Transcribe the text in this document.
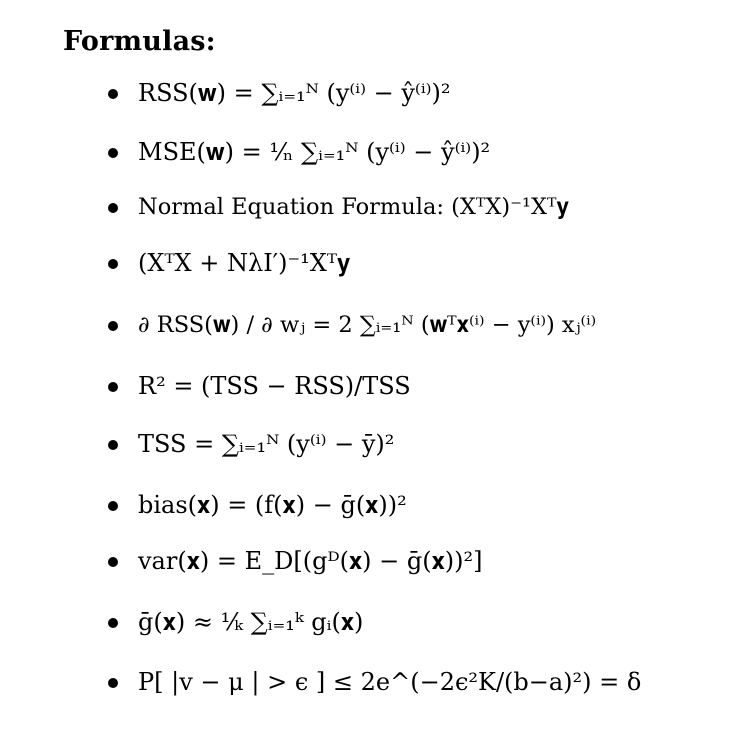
Formulas:
RSS(𝐰) = ∑ᵢ₌₁ᴺ (y⁽ⁱ⁾ − ŷ⁽ⁱ⁾)²
MSE(𝐰) = ¹⁄ₙ ∑ᵢ₌₁ᴺ (y⁽ⁱ⁾ − ŷ⁽ⁱ⁾)²
Normal Equation Formula: (XᵀX)⁻¹Xᵀ𝐲
(XᵀX + NλI′)⁻¹Xᵀ𝐲
∂ RSS(𝐰) / ∂ wⱼ = 2 ∑ᵢ₌₁ᴺ (𝐰ᵀ𝐱⁽ⁱ⁾ − y⁽ⁱ⁾) xⱼ⁽ⁱ⁾
R² = (TSS − RSS)/TSS
TSS = ∑ᵢ₌₁ᴺ (y⁽ⁱ⁾ − ȳ)²
bias(𝐱) = (f(𝐱) − ḡ(𝐱))²
var(𝐱) = E_D[(gᴰ(𝐱) − ḡ(𝐱))²]
ḡ(𝐱) ≈ ¹⁄ₖ ∑ᵢ₌₁ᵏ gᵢ(𝐱)
P[ |v − μ | > ϵ ] ≤ 2e^(−2ϵ²K/(b−a)²) = δ
